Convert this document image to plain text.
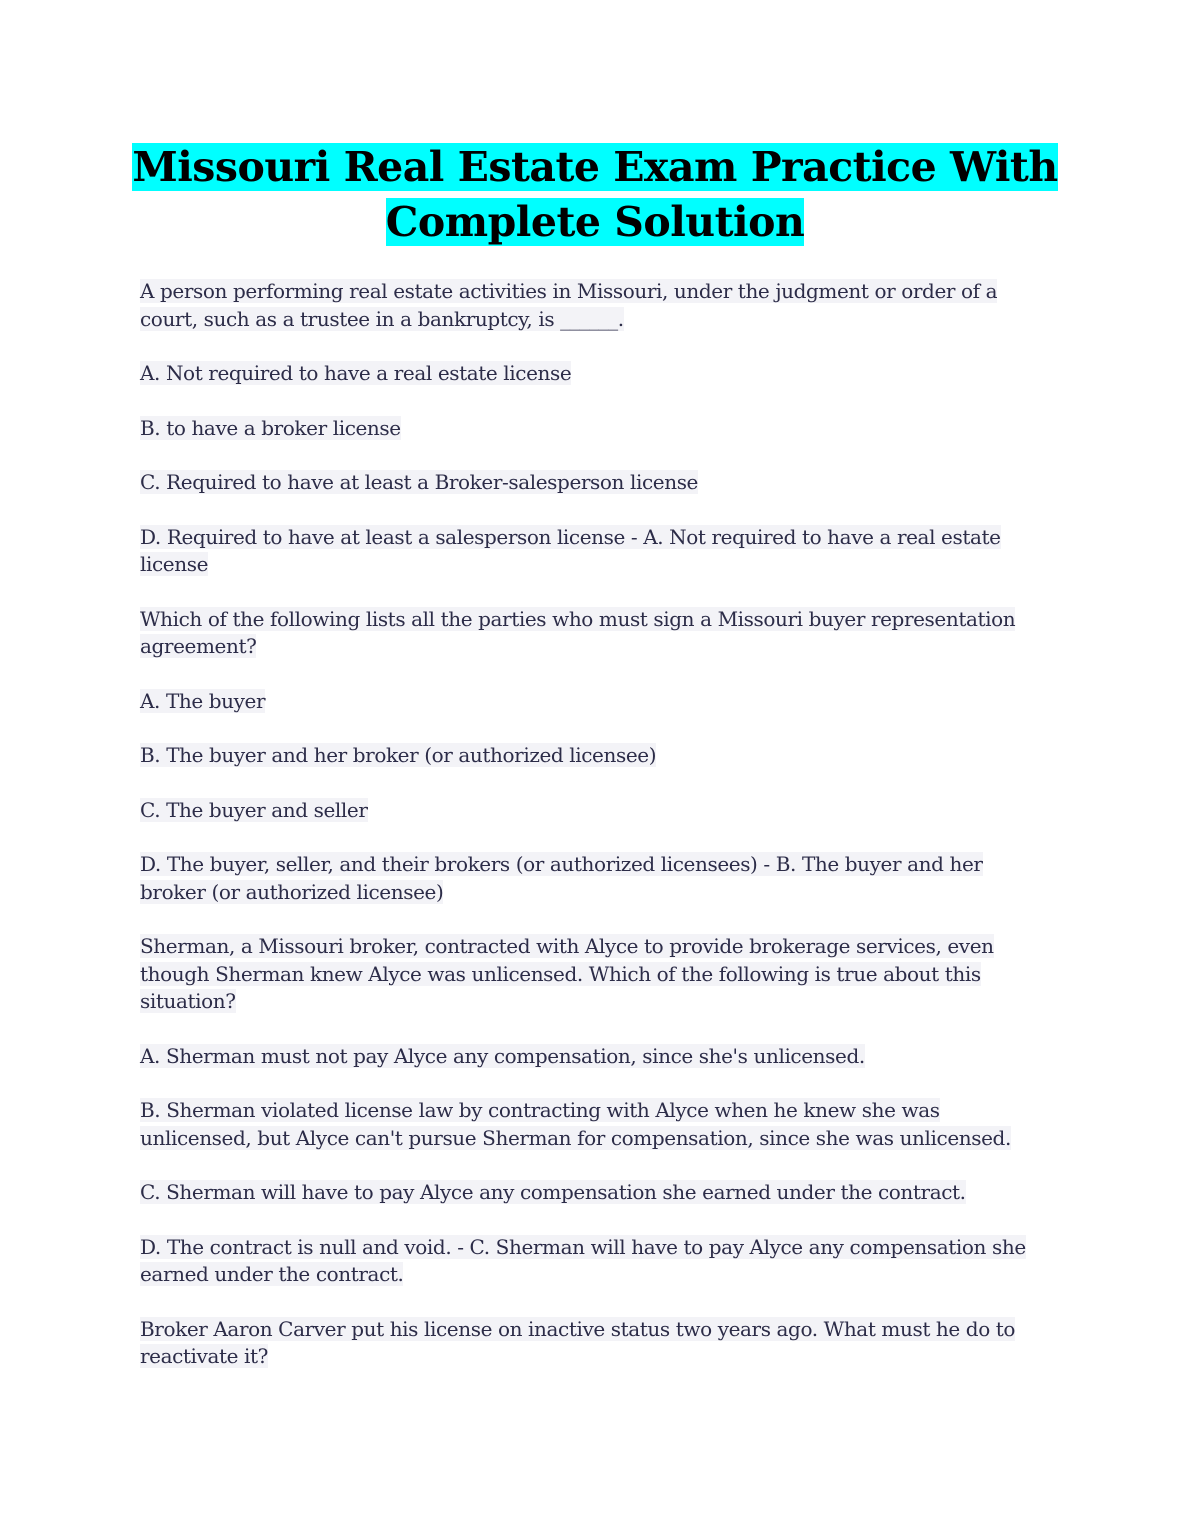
Missouri Real Estate Exam Practice With Complete Solution

A person performing real estate activities in Missouri, under the judgment or order of a court, such as a trustee in a bankruptcy, is ______.

A. Not required to have a real estate license

B. to have a broker license

C. Required to have at least a Broker-salesperson license

D. Required to have at least a salesperson license - A. Not required to have a real estate license

Which of the following lists all the parties who must sign a Missouri buyer representation agreement?

A. The buyer

B. The buyer and her broker (or authorized licensee)

C. The buyer and seller

D. The buyer, seller, and their brokers (or authorized licensees) - B. The buyer and her broker (or authorized licensee)

Sherman, a Missouri broker, contracted with Alyce to provide brokerage services, even though Sherman knew Alyce was unlicensed. Which of the following is true about this situation?

A. Sherman must not pay Alyce any compensation, since she's unlicensed.

B. Sherman violated license law by contracting with Alyce when he knew she was unlicensed, but Alyce can't pursue Sherman for compensation, since she was unlicensed.

C. Sherman will have to pay Alyce any compensation she earned under the contract.

D. The contract is null and void. - C. Sherman will have to pay Alyce any compensation she earned under the contract.

Broker Aaron Carver put his license on inactive status two years ago. What must he do to reactivate it?
